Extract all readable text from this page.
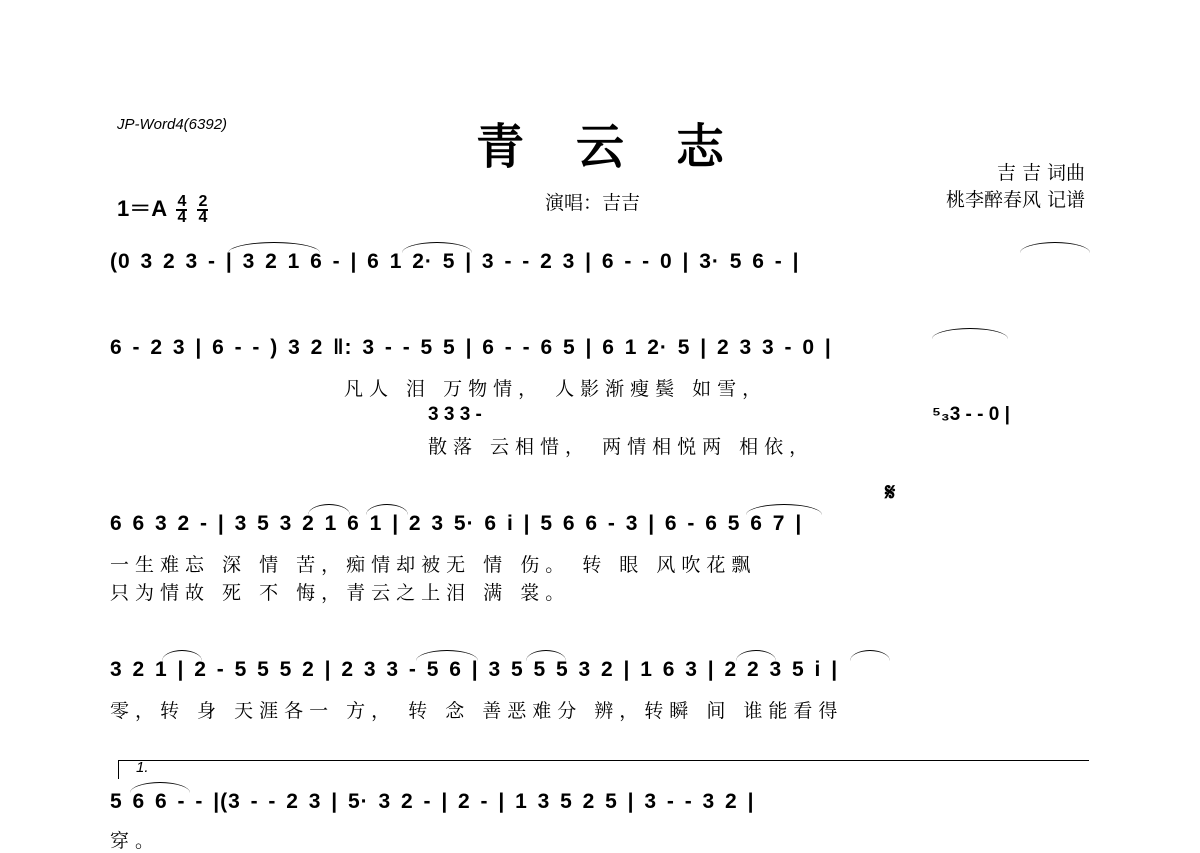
JP-Word4(6392)	青云志	吉 吉 词曲
桃李醉春风 记谱
$1=A \frac{4}{4}$
$\frac{2}{4}$	演唱：吉吉
(0 3 2 3 - | 3 2 1 6 - | 6 1 2· 5 | 3 - - 2 3 | 6 - - 0 | 3· 5 6 - |
6 - 2 3 | 6 - - ) 3 2 ‖: 3 - - 5 5 | 6 - - 6 5 | 6 1 2· 5 | 2 3 3 - 0 |
凡人 泪 万物情， 人影渐瘦鬓 如雪，
3 3 3 -	⁵₃3 - - 0 |
散落 云相惜， 两情相悦两 相依，
𝄋
6 6 3 2 - | 3 5 3 2 1 6 1 | 2 3 5· 6 i | 5 6 6 - 3 | 6 - 6 5 6 7 |
一生难忘 深 情 苦，痴情却被无 情 伤。 转 眼 风吹花飘
只为情故 死 不 悔，青云之上泪 满 裳。
3 2 1 | 2 - 5 5 5 2 | 2 3 3 - 5 6 | 3 5 5 5 3 2 | 1 6 3 | 2 2 3 5 i |
零，转 身 天涯各一 方， 转 念 善恶难分 辨，转瞬 间 谁能看得
1.
5 6 6 - - |(3 - - 2 3 | 5· 3 2 - | 2 - | 1 3 5 2 5 | 3 - - 3 2 |
穿。
